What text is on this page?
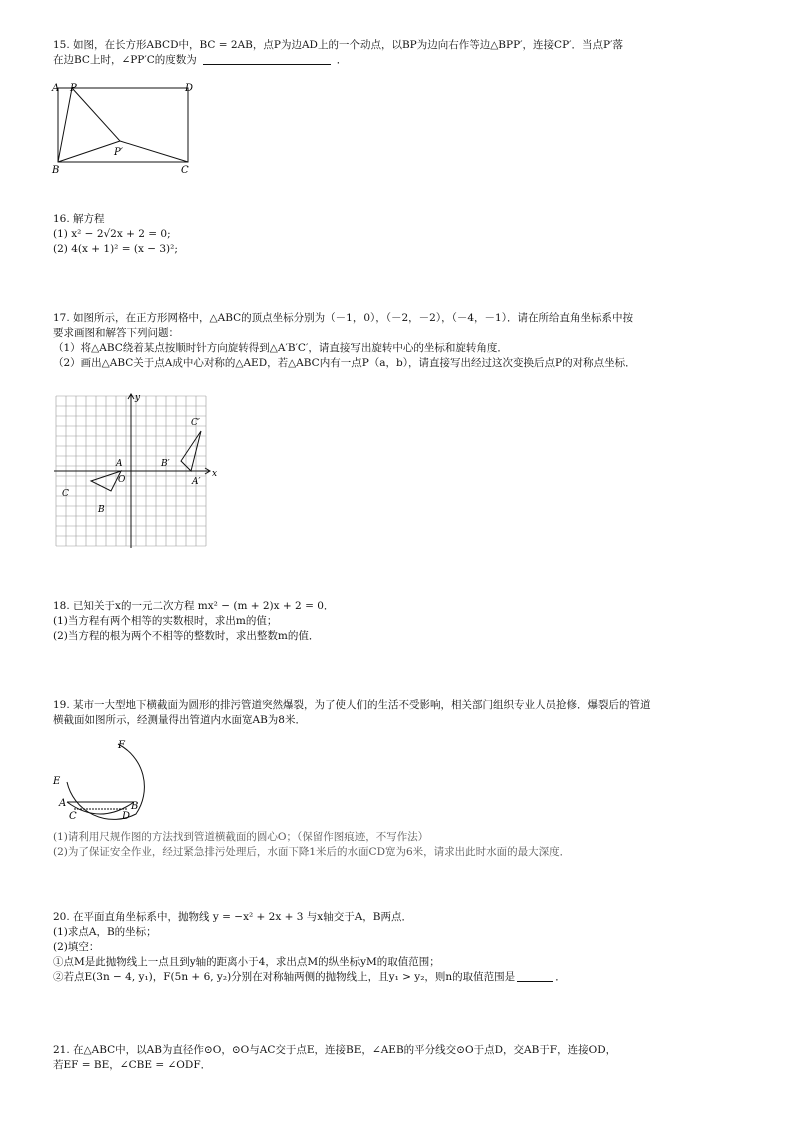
15. 如图，在长方形ABCD中，BC = 2AB，点P为边AD上的一个动点，以BP为边向右作等边△BPP′，连接CP′．当点P′落
在边BC上时，∠PP′C的度数为	．
A P	D
B	C
P′
16. 解方程
(1) x² − 2√2x + 2 = 0;
(2) 4(x + 1)² = (x − 3)²;
17. 如图所示，在正方形网格中，△ABC的顶点坐标分别为（－1，0），（－2，－2），（－4，－1）．请在所给直角坐标系中按
要求画图和解答下列问题：
（1）将△ABC绕着某点按顺时针方向旋转得到△A′B′C′，请直接写出旋转中心的坐标和旋转角度．
（2）画出△ABC关于点A成中心对称的△AED，若△ABC内有一点P（a，b），请直接写出经过这次变换后点P的对称点坐标．
y
x
A
O
B
C
A′
B′
C′
18. 已知关于x的一元二次方程 mx² − (m + 2)x + 2 = 0．
(1)当方程有两个相等的实数根时，求出m的值；
(2)当方程的根为两个不相等的整数时，求出整数m的值．
19. 某市一大型地下横截面为圆形的排污管道突然爆裂，为了使人们的生活不受影响，相关部门组织专业人员抢修．爆裂后的管道
横截面如图所示，经测量得出管道内水面宽AB为8米．
F
E
A	B
C	D
(1)请利用尺规作图的方法找到管道横截面的圆心O；（保留作图痕迹，不写作法）
(2)为了保证安全作业，经过紧急排污处理后，水面下降1米后的水面CD宽为6米，请求出此时水面的最大深度．
20. 在平面直角坐标系中，抛物线 y = −x² + 2x + 3 与x轴交于A，B两点．
(1)求点A，B的坐标；
(2)填空：
①点M是此抛物线上一点且到y轴的距离小于4，求出点M的纵坐标yM的取值范围；
②若点E(3n − 4, y₁)，F(5n + 6, y₂)分别在对称轴两侧的抛物线上，且y₁ > y₂，则n的取值范围是	．
21. 在△ABC中，以AB为直径作⊙O，⊙O与AC交于点E，连接BE，∠AEB的平分线交⊙O于点D，交AB于F，连接OD，
若EF = BE，∠CBE = ∠ODF．
